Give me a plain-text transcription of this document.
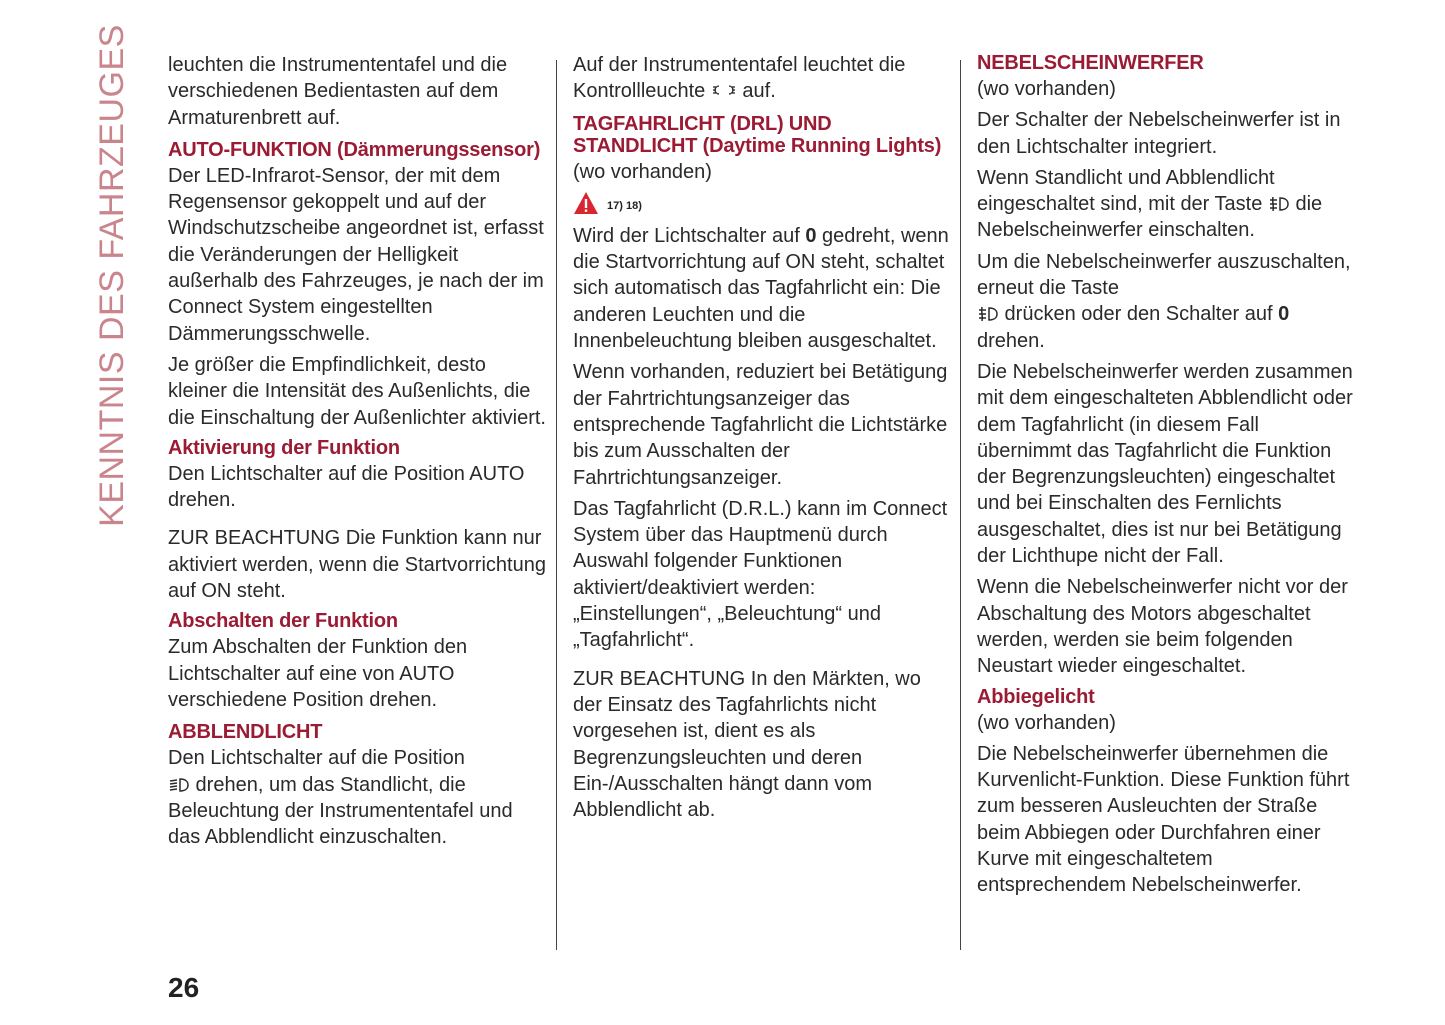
KENNTNIS DES FAHRZEUGES leuchten die Instrumententafel und die verschiedenen Bedientasten auf dem Armaturenbrett auf.

AUTO-FUNKTION (Dämmerungssensor)

Der LED-Infrarot-Sensor, der mit dem Regensensor gekoppelt und auf der Windschutzscheibe angeordnet ist, erfasst die Veränderungen der Helligkeit außerhalb des Fahrzeuges, je nach der im Connect System eingestellten Dämmerungsschwelle.

Je größer die Empfindlichkeit, desto kleiner die Intensität des Außenlichts, die die Einschaltung der Außenlichter aktiviert.

Aktivierung der Funktion

Den Lichtschalter auf die Position AUTO drehen.

ZUR BEACHTUNG Die Funktion kann nur aktiviert werden, wenn die Startvorrichtung auf ON steht.

Abschalten der Funktion

Zum Abschalten der Funktion den Lichtschalter auf eine von AUTO verschiedene Position drehen.

ABBLENDLICHT

Den Lichtschalter auf die Position
drehen, um das Standlicht, die Beleuchtung der Instrumententafel und das Abblendlicht einzuschalten.

Auf der Instrumententafel leuchtet die Kontrollleuchte  auf.

TAGFAHRLICHT (DRL) UND STANDLICHT (Daytime Running Lights)

(wo vorhanden)

17) 18)

Wird der Lichtschalter auf 0 gedreht, wenn die Startvorrichtung auf ON steht, schaltet sich automatisch das Tagfahrlicht ein: Die anderen Leuchten und die Innenbeleuchtung bleiben ausgeschaltet.

Wenn vorhanden, reduziert bei Betätigung der Fahrtrichtungsanzeiger das entsprechende Tagfahrlicht die Lichtstärke bis zum Ausschalten der Fahrtrichtungsanzeiger.

Das Tagfahrlicht (D.R.L.) kann im Connect System über das Hauptmenü durch Auswahl folgender Funktionen aktiviert/deaktiviert werden: „Einstellungen“, „Beleuchtung“ und „Tagfahrlicht“.

ZUR BEACHTUNG In den Märkten, wo der Einsatz des Tagfahrlichts nicht vorgesehen ist, dient es als Begrenzungsleuchten und deren Ein-/Ausschalten hängt dann vom Abblendlicht ab.

NEBELSCHEINWERFER

(wo vorhanden)

Der Schalter der Nebelscheinwerfer ist in den Lichtschalter integriert.

Wenn Standlicht und Abblendlicht eingeschaltet sind, mit der Taste  die Nebelscheinwerfer einschalten.

Um die Nebelscheinwerfer auszuschalten, erneut die Taste
drücken oder den Schalter auf 0 drehen.

Die Nebelscheinwerfer werden zusammen mit dem eingeschalteten Abblendlicht oder dem Tagfahrlicht (in diesem Fall übernimmt das Tagfahrlicht die Funktion der Begrenzungsleuchten) eingeschaltet und bei Einschalten des Fernlichts ausgeschaltet, dies ist nur bei Betätigung der Lichthupe nicht der Fall.

Wenn die Nebelscheinwerfer nicht vor der Abschaltung des Motors abgeschaltet werden, werden sie beim folgenden Neustart wieder eingeschaltet.

Abbiegelicht

(wo vorhanden)

Die Nebelscheinwerfer übernehmen die Kurvenlicht-Funktion. Diese Funktion führt zum besseren Ausleuchten der Straße beim Abbiegen oder Durchfahren einer Kurve mit eingeschaltetem entsprechendem Nebelscheinwerfer.

26
